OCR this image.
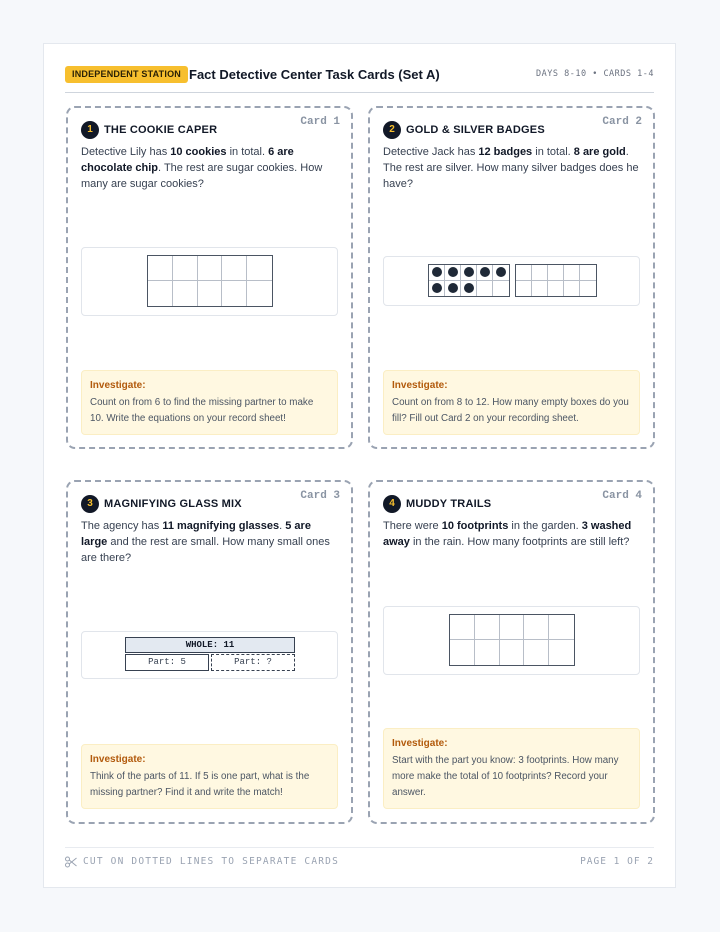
INDEPENDENT STATION Fact Detective Center Task Cards (Set A)	DAYS 8-10 • CARDS 1-4
Card 1
1	THE COOKIE CAPER
Detective Lily has 10 cookies in total. 6 are chocolate chip. The rest are sugar cookies. How many are sugar cookies?
Investigate:
Count on from 6 to find the missing partner to make 10. Write the equations on your record sheet!
Card 2
2	GOLD & SILVER BADGES
Detective Jack has 12 badges in total. 8 are gold. The rest are silver. How many silver badges does he have?
Investigate:
Count on from 8 to 12. How many empty boxes do you fill? Fill out Card 2 on your recording sheet.
Card 3
3	MAGNIFYING GLASS MIX
The agency has 11 magnifying glasses. 5 are large and the rest are small. How many small ones are there?
WHOLE: 11
Part: 5	Part: ?
Investigate:
Think of the parts of 11. If 5 is one part, what is the missing partner? Find it and write the match!
Card 4
4	MUDDY TRAILS
There were 10 footprints in the garden. 3 washed away in the rain. How many footprints are still left?
Investigate:
Start with the part you know: 3 footprints. How many more make the total of 10 footprints? Record your answer.
CUT ON DOTTED LINES TO SEPARATE CARDS	PAGE 1 OF 2
